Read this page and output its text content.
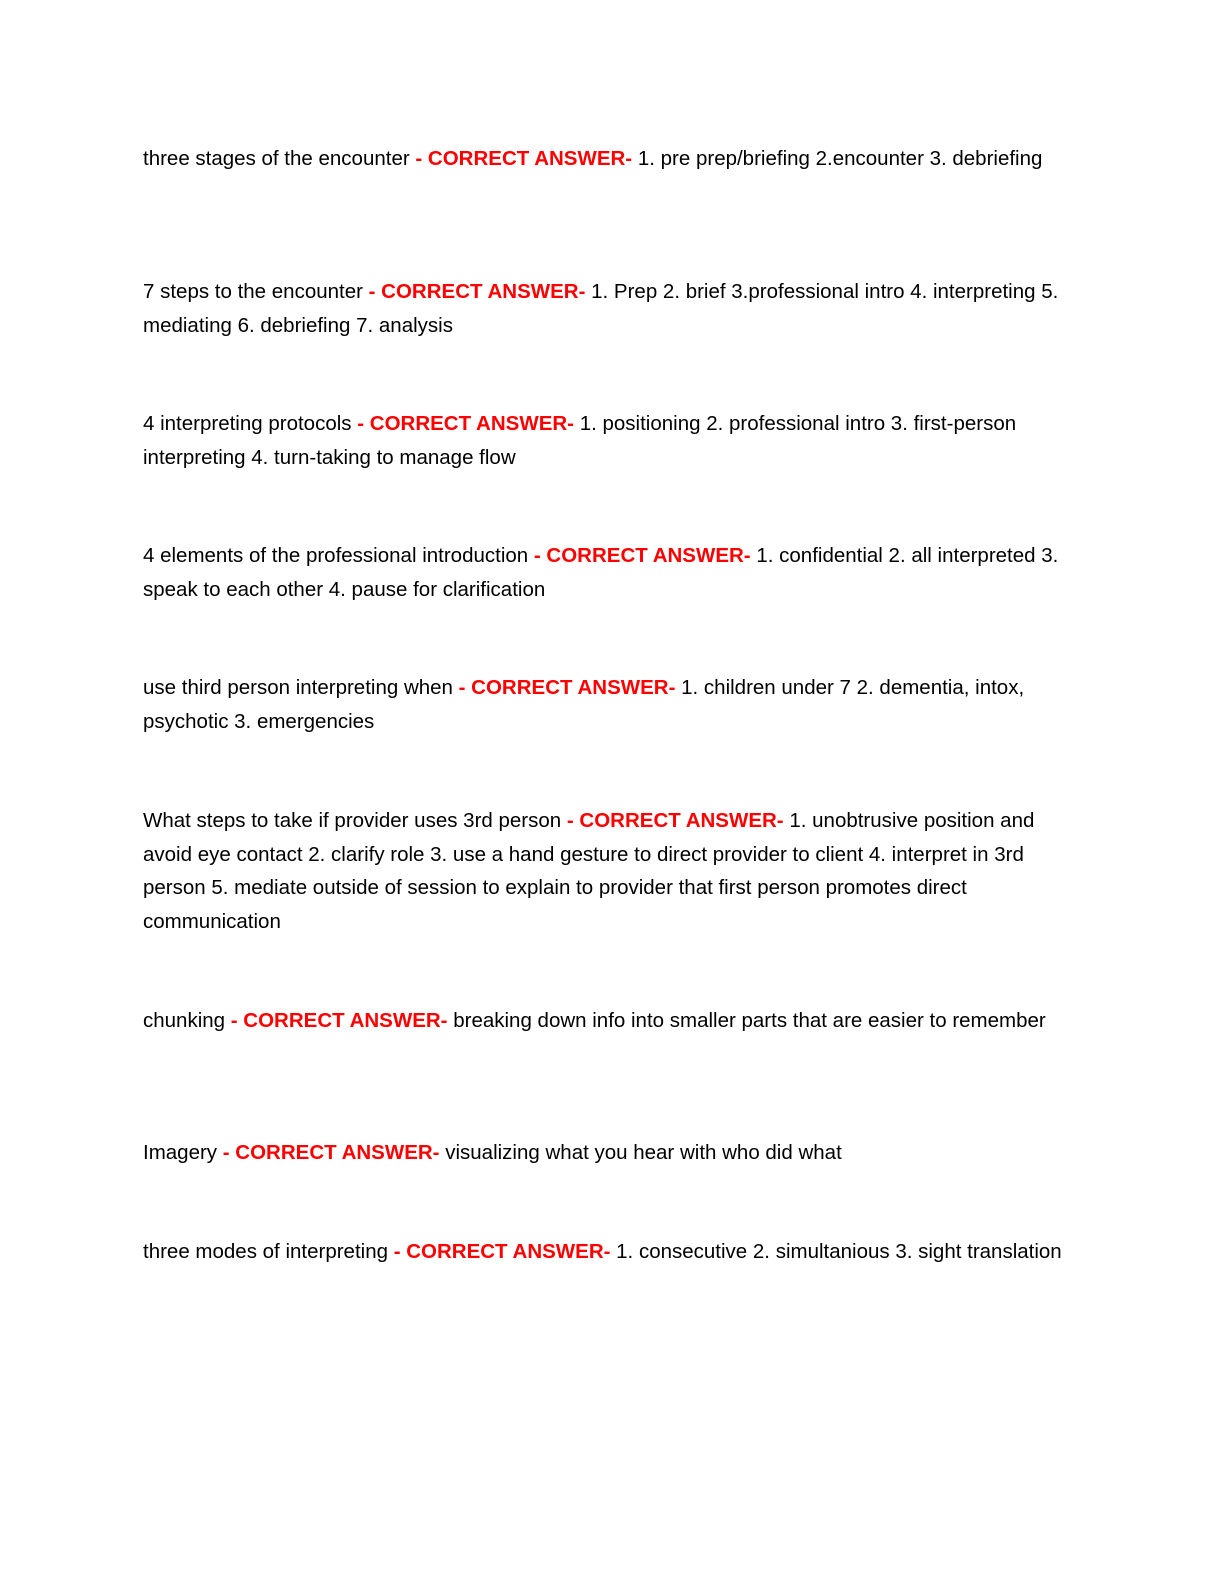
three stages of the encounter - CORRECT ANSWER- 1. pre prep/briefing 2.encounter 3. debriefing

7 steps to the encounter - CORRECT ANSWER- 1. Prep 2. brief 3.professional intro 4. interpreting 5. mediating 6. debriefing 7. analysis

4 interpreting protocols - CORRECT ANSWER- 1. positioning 2. professional intro 3. first-person interpreting 4. turn-taking to manage flow

4 elements of the professional introduction - CORRECT ANSWER- 1. confidential 2. all interpreted 3. speak to each other 4. pause for clarification

use third person interpreting when - CORRECT ANSWER- 1. children under 7 2. dementia, intox, psychotic 3. emergencies

What steps to take if provider uses 3rd person - CORRECT ANSWER- 1. unobtrusive position and avoid eye contact 2. clarify role 3. use a hand gesture to direct provider to client 4. interpret in 3rd person 5. mediate outside of session to explain to provider that first person promotes direct communication

chunking - CORRECT ANSWER- breaking down info into smaller parts that are easier to remember

Imagery - CORRECT ANSWER- visualizing what you hear with who did what

three modes of interpreting - CORRECT ANSWER- 1. consecutive 2. simultanious 3. sight translation
